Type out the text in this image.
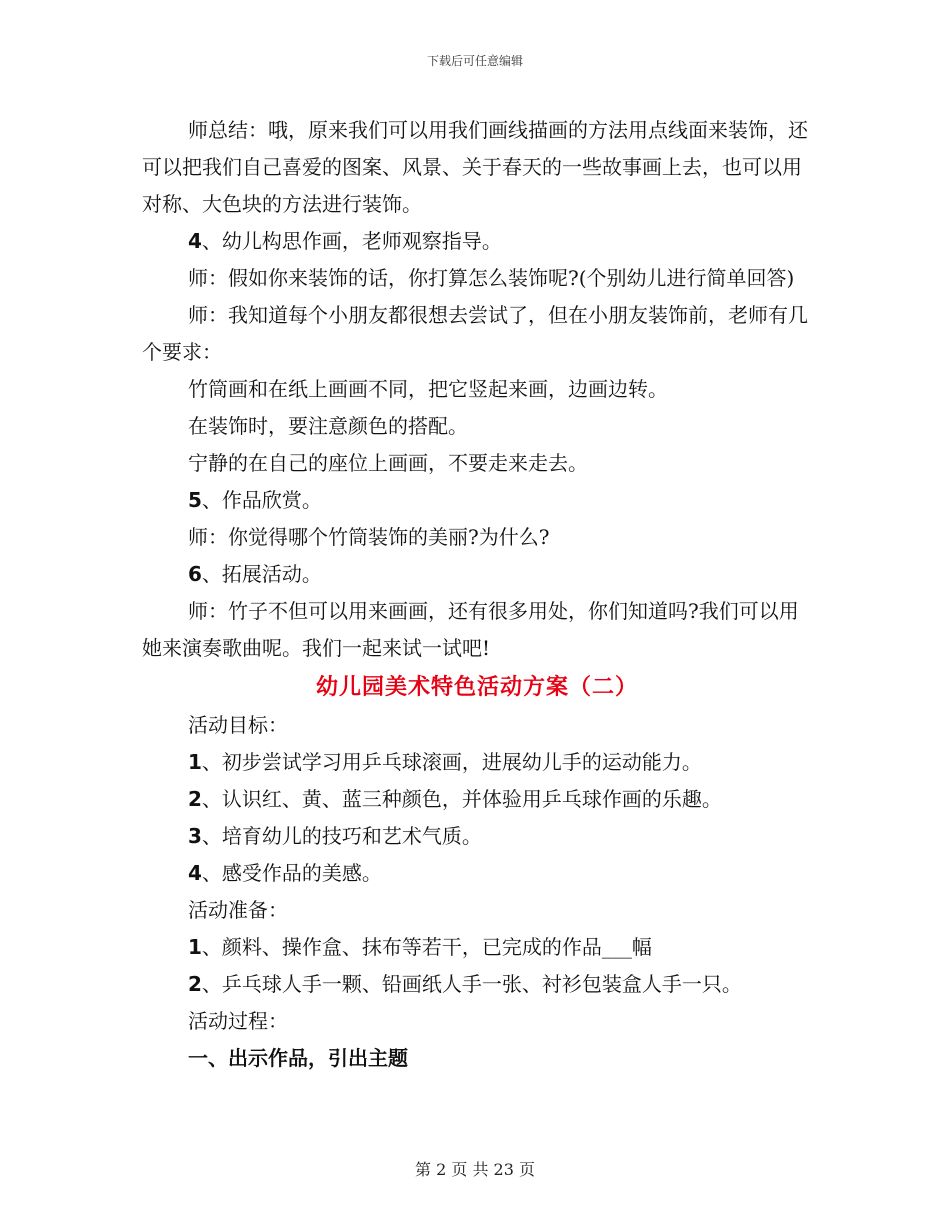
下载后可任意编辑

师总结：哦，原来我们可以用我们画线描画的方法用点线面来装饰，还可以把我们自己喜爱的图案、风景、关于春天的一些故事画上去，也可以用对称、大色块的方法进行装饰。

4、幼儿构思作画，老师观察指导。

师：假如你来装饰的话，你打算怎么装饰呢?(个别幼儿进行简单回答)

师：我知道每个小朋友都很想去尝试了，但在小朋友装饰前，老师有几个要求：

竹筒画和在纸上画画不同，把它竖起来画，边画边转。

在装饰时，要注意颜色的搭配。

宁静的在自己的座位上画画，不要走来走去。

5、作品欣赏。

师：你觉得哪个竹筒装饰的美丽?为什么?

6、拓展活动。

师：竹子不但可以用来画画，还有很多用处，你们知道吗?我们可以用她来演奏歌曲呢。我们一起来试一试吧!

幼儿园美术特色活动方案（二）

活动目标：

1、初步尝试学习用乒乓球滚画，进展幼儿手的运动能力。

2、认识红、黄、蓝三种颜色，并体验用乒乓球作画的乐趣。

3、培育幼儿的技巧和艺术气质。

4、感受作品的美感。

活动准备：

1、颜料、操作盒、抹布等若干，已完成的作品___幅

2、乒乓球人手一颗、铅画纸人手一张、衬衫包装盒人手一只。

活动过程：

一、出示作品，引出主题

第 2 页 共 23 页
